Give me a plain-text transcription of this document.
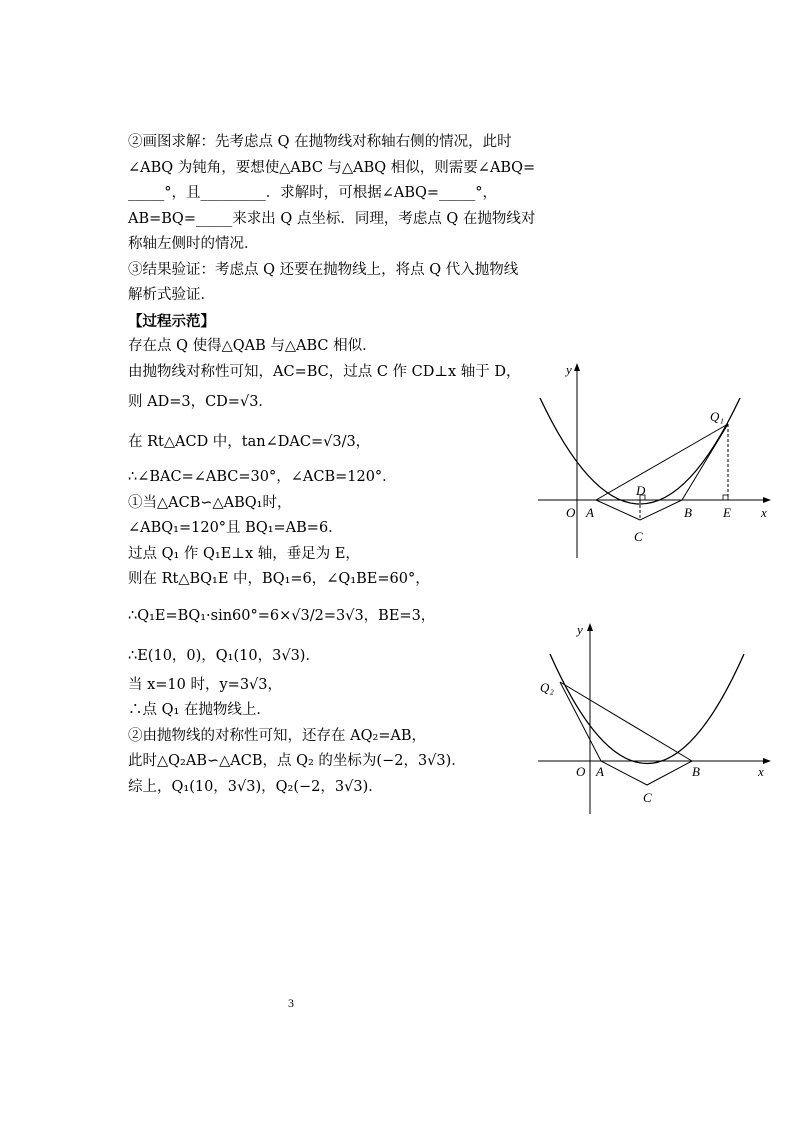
②画图求解：先考虑点 Q 在抛物线对称轴右侧的情况，此时
∠ABQ 为钝角，要想使△ABC 与△ABQ 相似，则需要∠ABQ=
_____°，且_________．求解时，可根据∠ABQ=_____°，
AB=BQ=_____来求出 Q 点坐标．同理，考虑点 Q 在抛物线对
称轴左侧时的情况．
③结果验证：考虑点 Q 还要在抛物线上，将点 Q 代入抛物线
解析式验证．
【过程示范】
存在点 Q 使得△QAB 与△ABC 相似．
由抛物线对称性可知，AC=BC，过点 C 作 CD⊥x 轴于 D，
则 AD=3，CD=√3．
在 Rt△ACD 中，tan∠DAC=√3/3，
∴∠BAC=∠ABC=30°，∠ACB=120°．
①当△ACB∽△ABQ₁时，
∠ABQ₁=120°且 BQ₁=AB=6．
过点 Q₁ 作 Q₁E⊥x 轴，垂足为 E，
则在 Rt△BQ₁E 中，BQ₁=6，∠Q₁BE=60°，
∴Q₁E=BQ₁·sin60°=6×√3/2=3√3，BE=3，
∴E(10，0)，Q₁(10，3√3)．
当 x=10 时，y=3√3，
∴点 Q₁ 在抛物线上．
②由抛物线的对称性可知，还存在 AQ₂=AB，
此时△Q₂AB∽△ACB，点 Q₂ 的坐标为(−2，3√3)．
综上，Q₁(10，3√3)，Q₂(−2，3√3)．
y
x
O A	B
C
D
E
Q₁
y
x
O A	B
C
Q₂
3
